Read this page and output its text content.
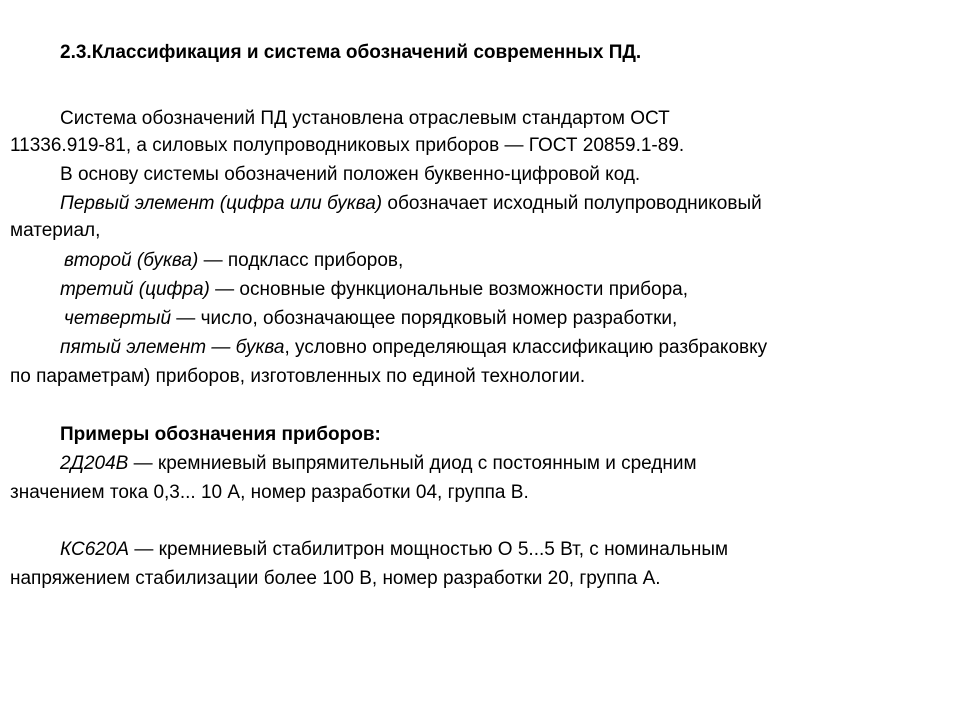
2.3.Классификация и система обозначений современных ПД.
Система обозначений ПД установлена отраслевым стандартом ОСТ
11336.919-81, а силовых полупроводниковых приборов — ГОСТ 20859.1-89.
В основу системы обозначений положен буквенно-цифровой код.
Первый элемент (цифра или буква) обозначает исходный полупроводниковый
материал,
второй (буква) — подкласс приборов,
третий (цифра) — основные функциональные возможности прибора,
четвертый — число, обозначающее порядковый номер разработки,
пятый элемент — буква, условно определяющая классификацию разбраковку
по параметрам) приборов, изготовленных по единой технологии.
Примеры обозначения приборов:
2Д204В — кремниевый выпрямительный диод с постоянным и средним
значением тока 0,3... 10 А, номер разработки 04, группа В.
КС620А — кремниевый стабилитрон мощностью О 5...5 Вт, с номинальным
напряжением стабилизации более 100 В, номер разработки 20, группа А.
